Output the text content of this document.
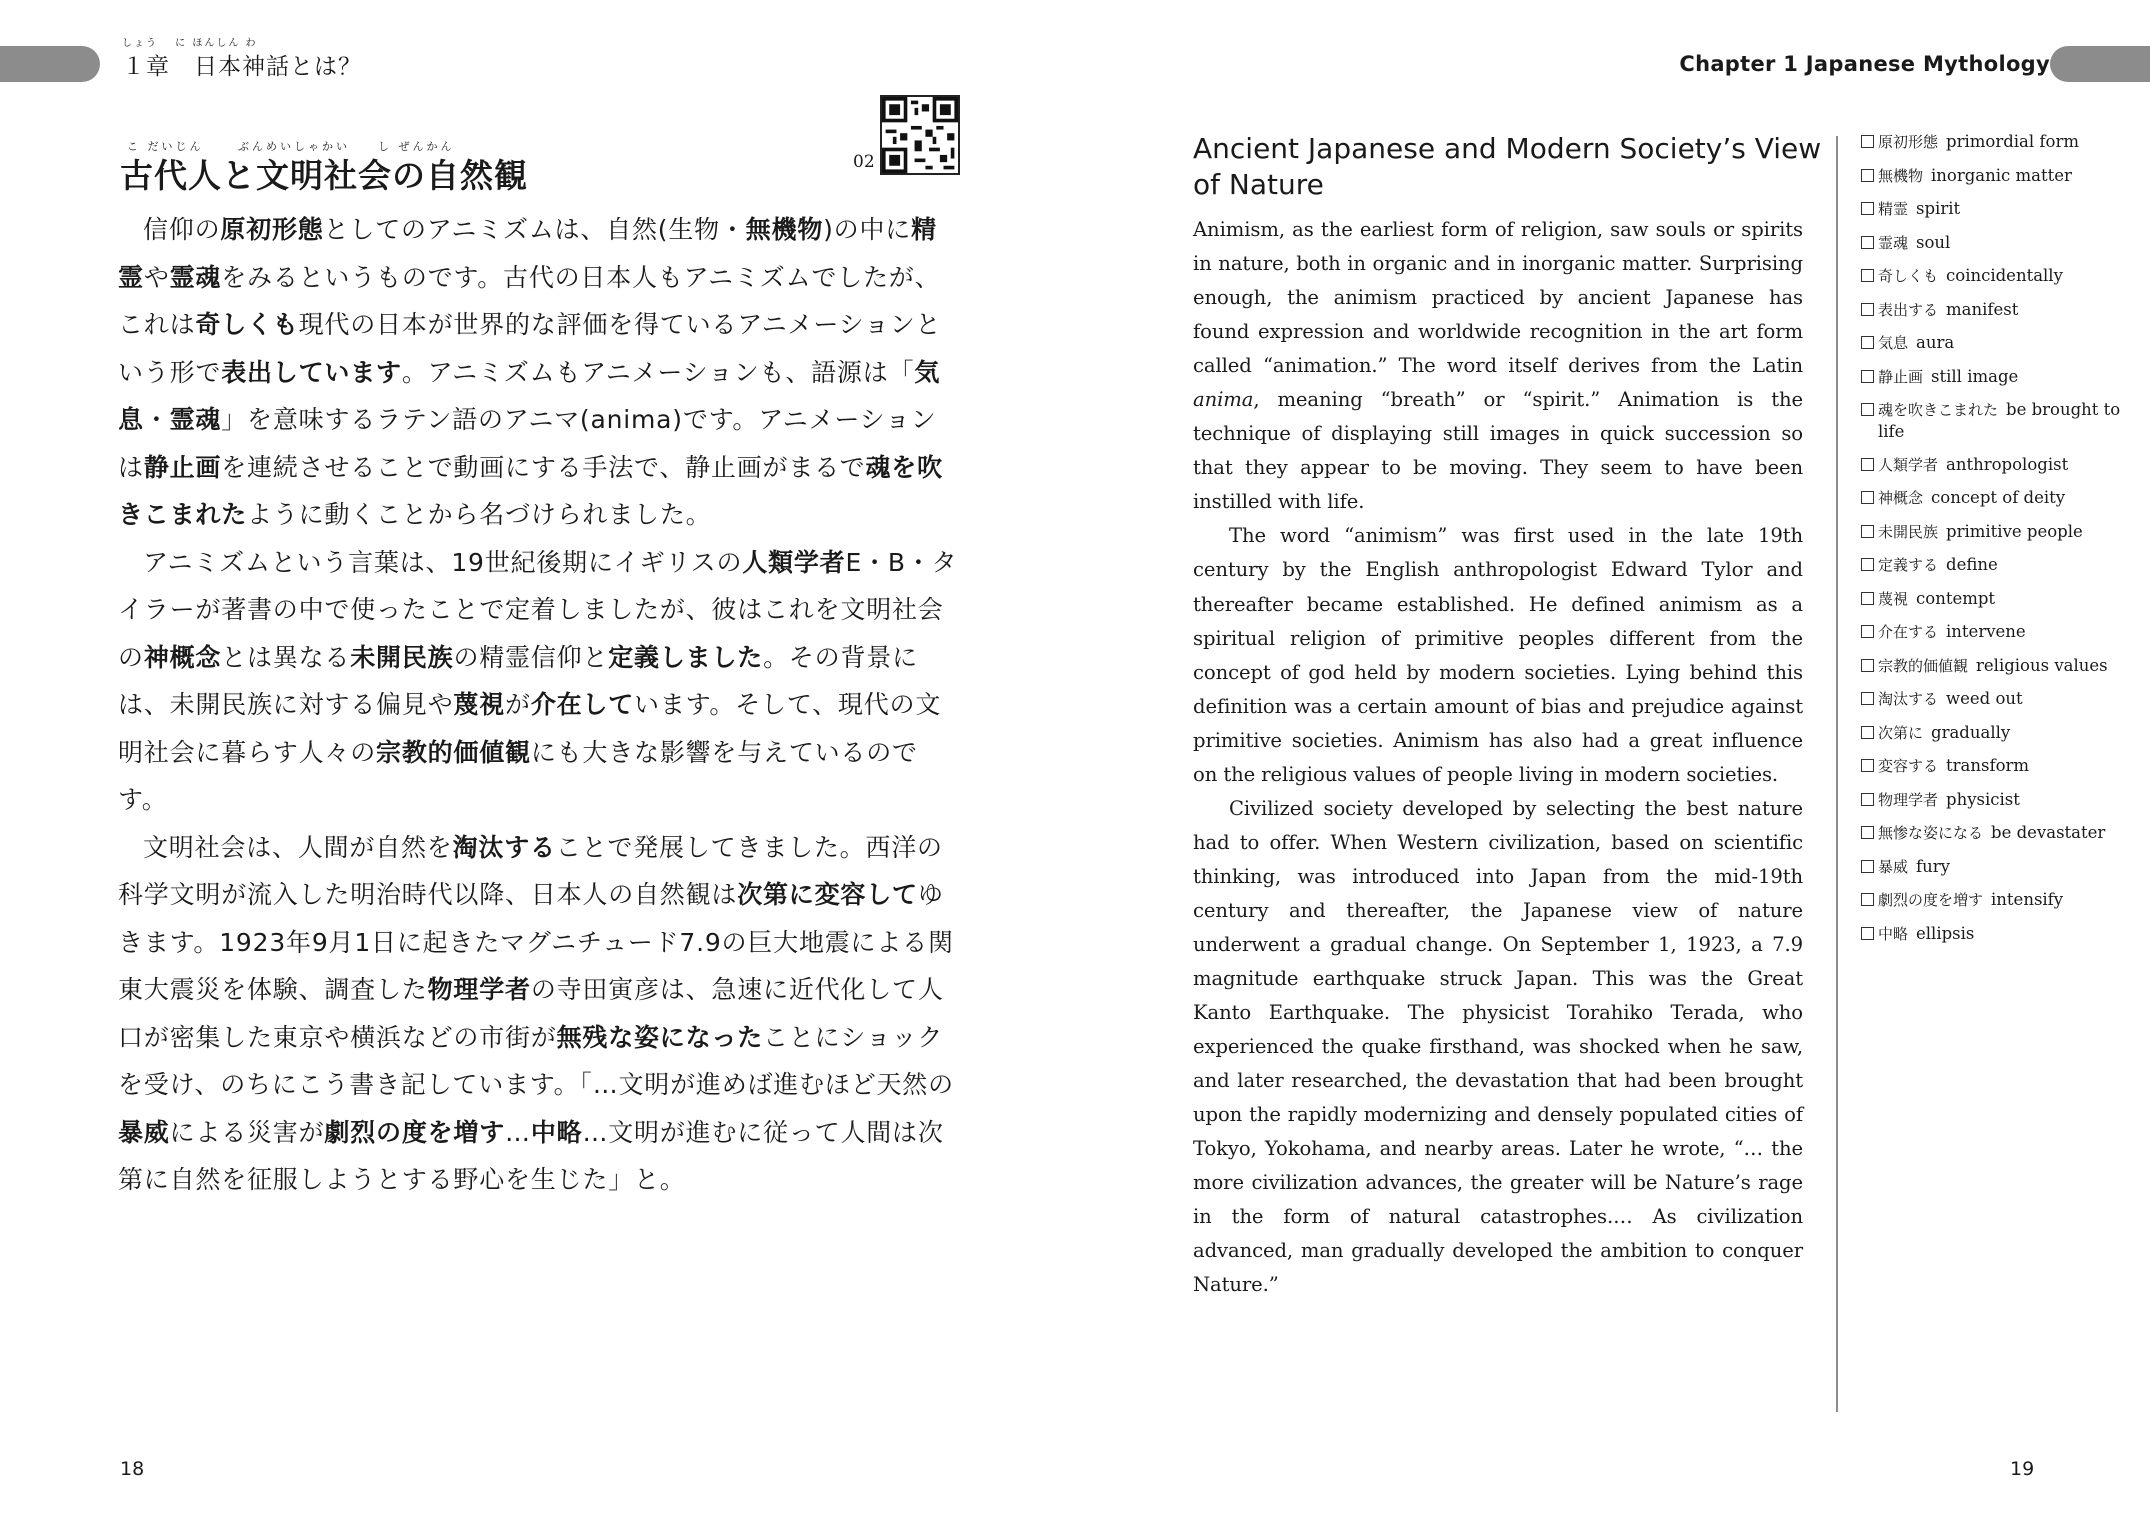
しょう　 に ほんしん わ
１章　日本神話とは？	Chapter 1 Japanese Mythology
02
こ だいじん　　 ぶんめいしゃかい　　し ぜんかん
古代人と文明社会の自然観

信仰の原初形態としてのアニミズムは、自然(生物・無機物)の中に精霊や霊魂をみるというものです。古代の日本人もアニミズムでしたが、これは奇しくも現代の日本が世界的な評価を得ているアニメーションという形で表出しています。アニミズムもアニメーションも、語源は「気息・霊魂」を意味するラテン語のアニマ(anima)です。アニメーションは静止画を連続させることで動画にする手法で、静止画がまるで魂を吹きこまれたように動くことから名づけられました。

アニミズムという言葉は、19世紀後期にイギリスの人類学者E・B・タイラーが著書の中で使ったことで定着しましたが、彼はこれを文明社会の神概念とは異なる未開民族の精霊信仰と定義しました。その背景には、未開民族に対する偏見や蔑視が介在しています。そして、現代の文明社会に暮らす人々の宗教的価値観にも大きな影響を与えているのです。

文明社会は、人間が自然を淘汰することで発展してきました。西洋の科学文明が流入した明治時代以降、日本人の自然観は次第に変容してゆきます。1923年9月1日に起きたマグニチュード7.9の巨大地震による関東大震災を体験、調査した物理学者の寺田寅彦は、急速に近代化して人口が密集した東京や横浜などの市街が無残な姿になったことにショックを受け、のちにこう書き記しています。「…文明が進めば進むほど天然の暴威による災害が劇烈の度を増す…中略…文明が進むに従って人間は次第に自然を征服しようとする野心を生じた」と。

18
Ancient Japanese and Modern Society’s View of Nature

Animism, as the earliest form of religion, saw souls or spirits in nature, both in organic and in inorganic matter. Surprising enough, the animism practiced by ancient Japanese has found expression and worldwide recognition in the art form called “animation.” The word itself derives from the Latin anima, meaning “breath” or “spirit.” Animation is the technique of displaying still images in quick succession so that they appear to be moving. They seem to have been instilled with life.

The word “animism” was first used in the late 19th century by the English anthropologist Edward Tylor and thereafter became established. He defined animism as a spiritual religion of primitive peoples different from the concept of god held by modern societies. Lying behind this definition was a certain amount of bias and prejudice against primitive societies. Animism has also had a great influence on the religious values of people living in modern societies.

Civilized society developed by selecting the best nature had to offer. When Western civilization, based on scientific thinking, was introduced into Japan from the mid-19th century and thereafter, the Japanese view of nature underwent a gradual change. On September 1, 1923, a 7.9 magnitude earthquake struck Japan. This was the Great Kanto Earthquake. The physicist Torahiko Terada, who experienced the quake firsthand, was shocked when he saw, and later researched, the devastation that had been brought upon the rapidly modernizing and densely populated cities of Tokyo, Yokohama, and nearby areas. Later he wrote, “… the more civilization advances, the greater will be Nature’s rage in the form of natural catastrophes.… As civilization advanced, man gradually developed the ambition to conquer Nature.”

原初形態 primordial form
無機物 inorganic matter
精霊 spirit
霊魂 soul
奇しくも coincidentally
表出する manifest
気息 aura
静止画 still image
魂を吹きこまれた be brought to life
人類学者 anthropologist
神概念 concept of deity
未開民族 primitive people
定義する define
蔑視 contempt
介在する intervene
宗教的価値観 religious values
淘汰する weed out
次第に gradually
変容する transform
物理学者 physicist
無惨な姿になる be devastater
暴威 fury
劇烈の度を増す intensify
中略 ellipsis
19
